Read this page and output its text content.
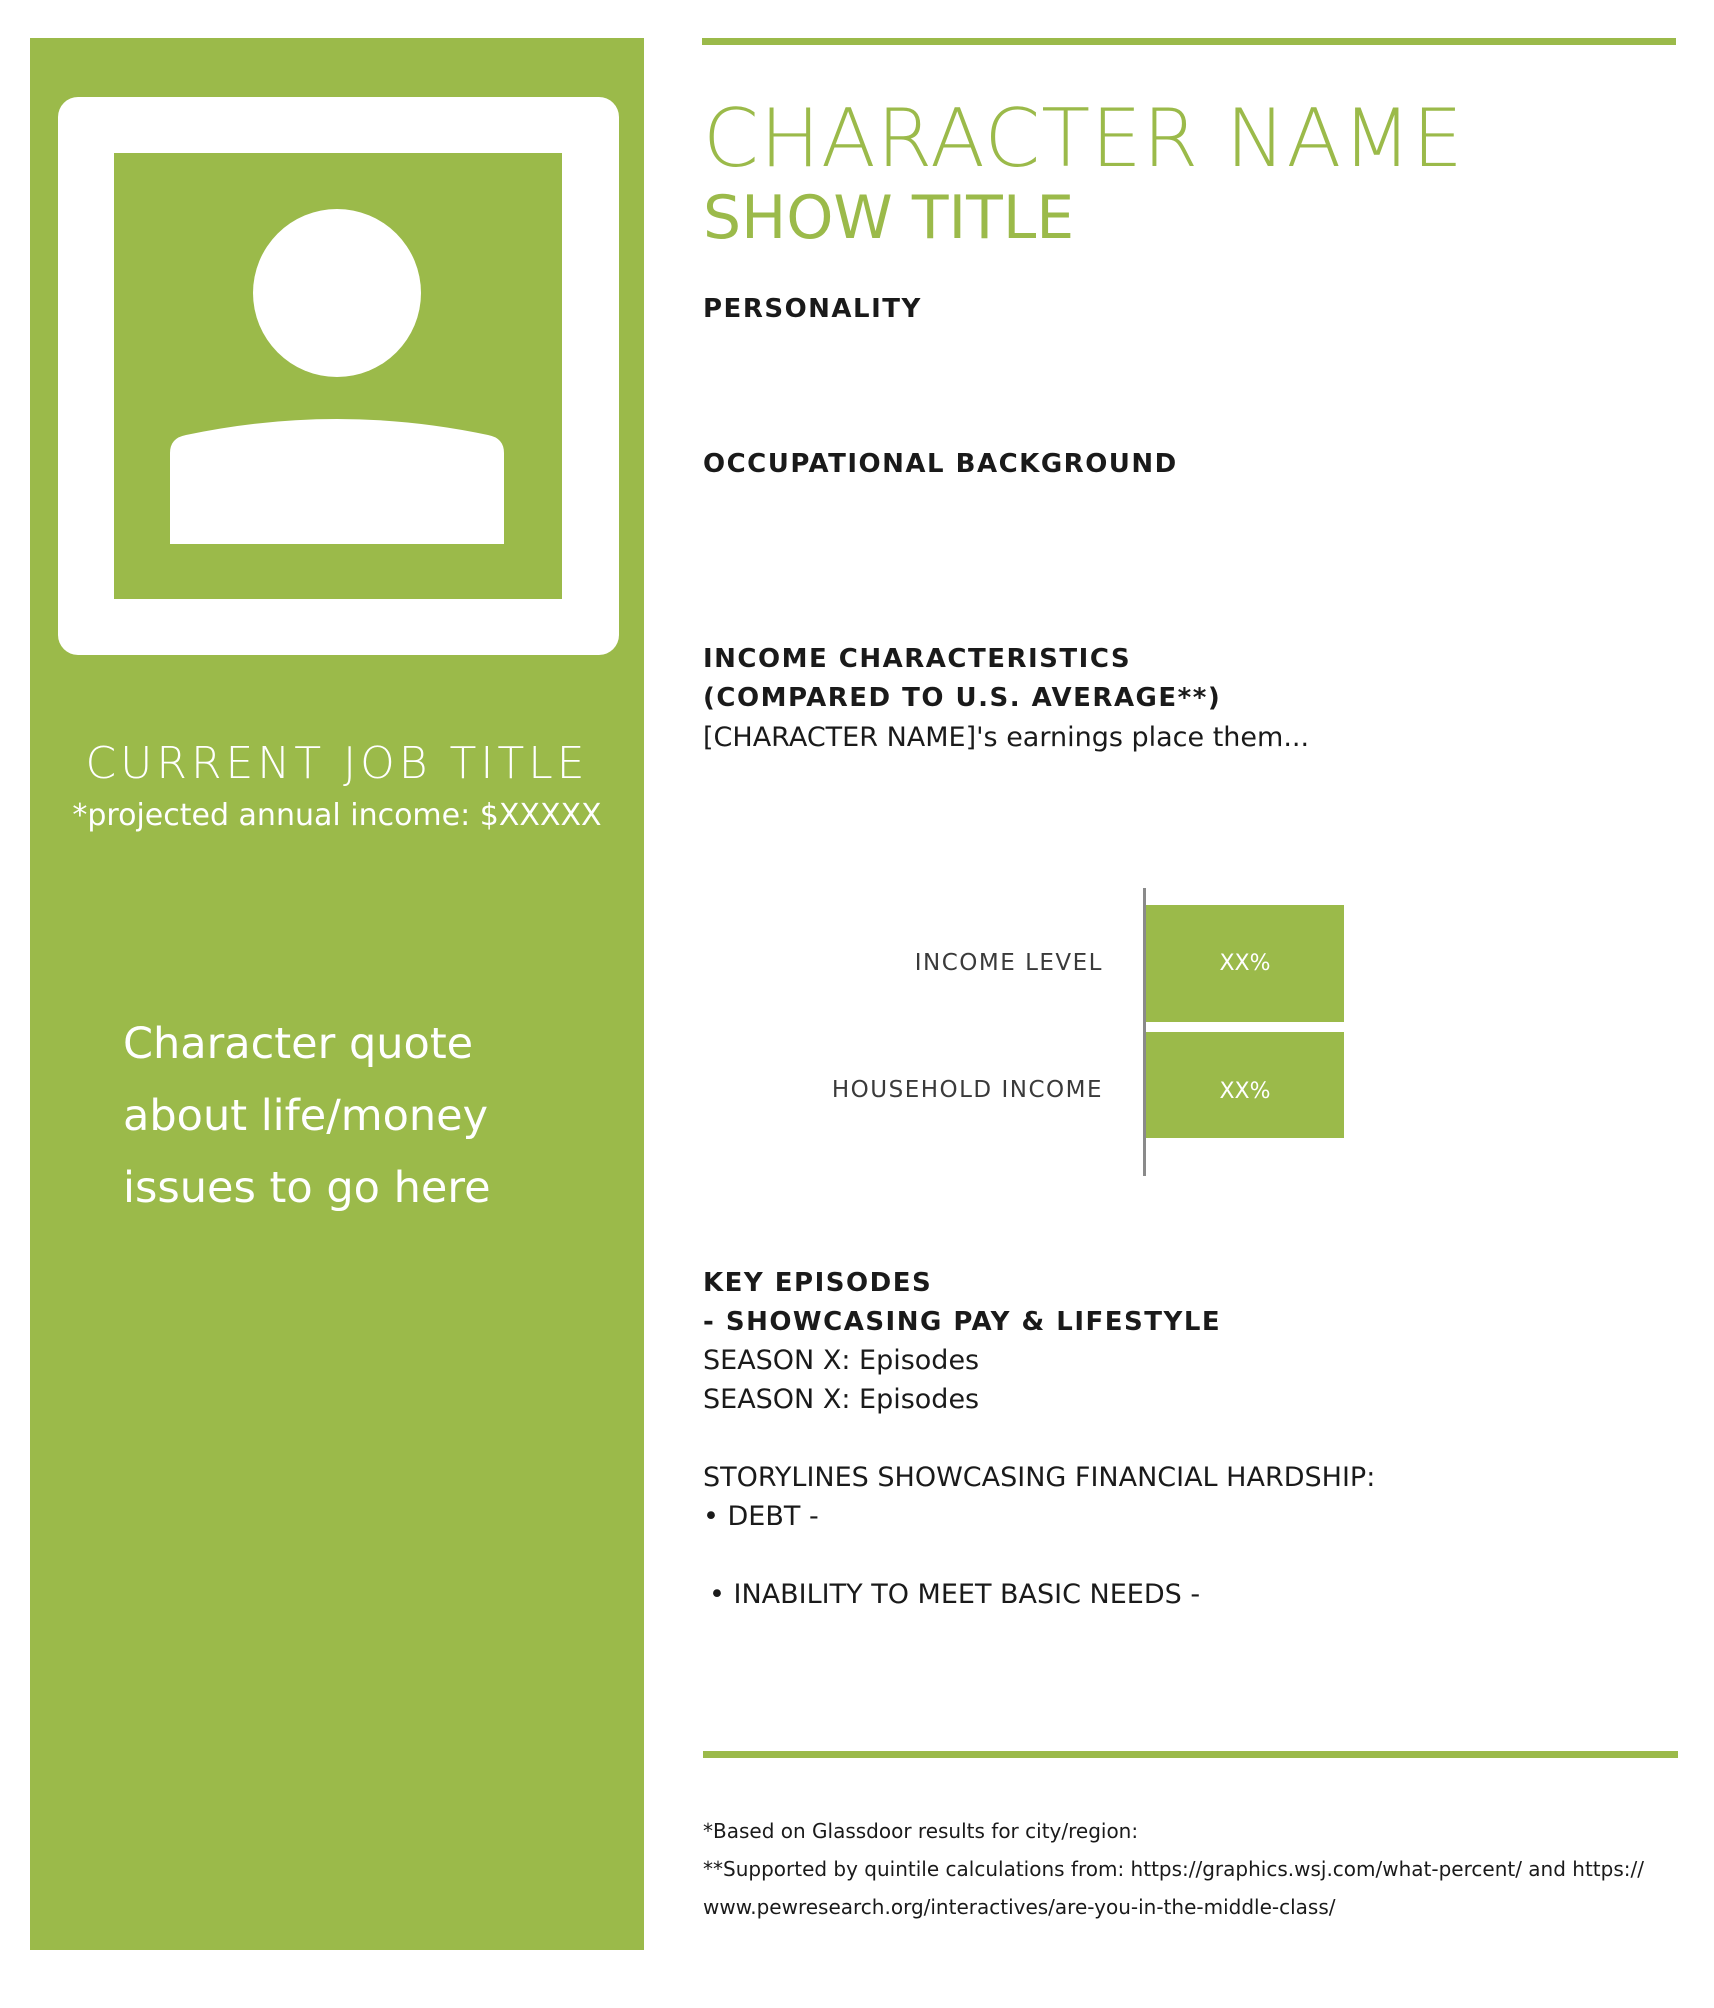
CURRENT JOB TITLE
*projected annual income: $XXXXX
Character quote
about life/money
issues to go here
CHARACTER NAME
SHOW TITLE
PERSONALITY
OCCUPATIONAL BACKGROUND
INCOME CHARACTERISTICS
(COMPARED TO U.S. AVERAGE**)
[CHARACTER NAME]'s earnings place them...
INCOME LEVEL
HOUSEHOLD INCOME
XX%
XX%
KEY EPISODES
- SHOWCASING PAY & LIFESTYLE
SEASON X: Episodes
SEASON X: Episodes
STORYLINES SHOWCASING FINANCIAL HARDSHIP:
• DEBT -
• INABILITY TO MEET BASIC NEEDS -
*Based on Glassdoor results for city/region:
**Supported by quintile calculations from: https://graphics.wsj.com/what-percent/ and https://
www.pewresearch.org/interactives/are-you-in-the-middle-class/
